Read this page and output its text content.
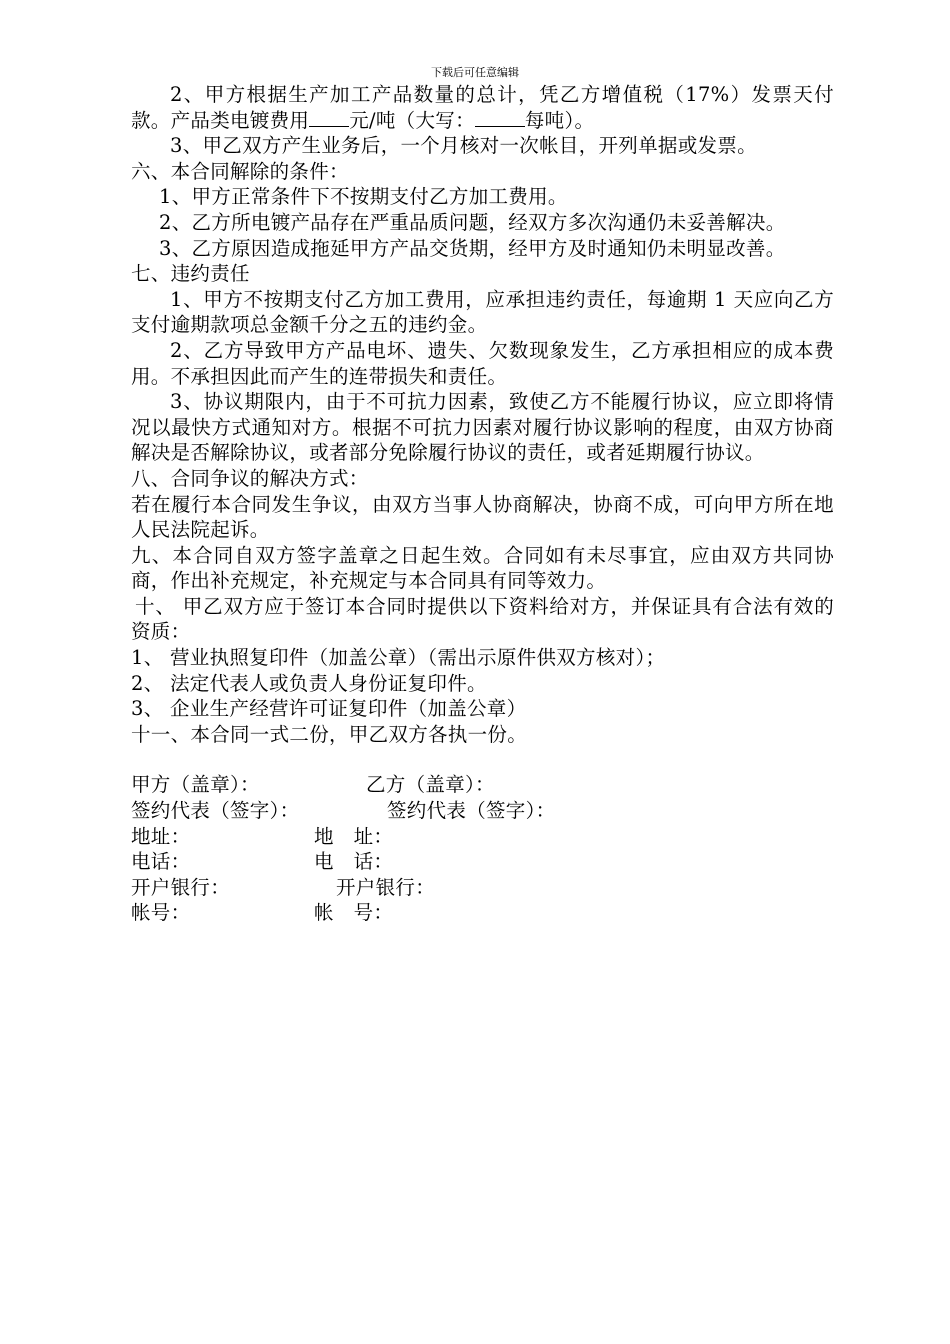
下载后可任意编辑

2、甲方根据生产加工产品数量的总计，凭乙方增值税（17%）发票天付款。产品类电镀费用 元/吨（大写：	每吨）。

3、甲乙双方产生业务后，一个月核对一次帐目，开列单据或发票。

六、本合同解除的条件：

1、甲方正常条件下不按期支付乙方加工费用。

2、乙方所电镀产品存在严重品质问题，经双方多次沟通仍未妥善解决。

3、乙方原因造成拖延甲方产品交货期，经甲方及时通知仍未明显改善。

七、违约责任

1、甲方不按期支付乙方加工费用，应承担违约责任，每逾期 1 天应向乙方支付逾期款项总金额千分之五的违约金。

2、乙方导致甲方产品电坏、遗失、欠数现象发生，乙方承担相应的成本费用。不承担因此而产生的连带损失和责任。

3、协议期限内，由于不可抗力因素，致使乙方不能履行协议，应立即将情况以最快方式通知对方。根据不可抗力因素对履行协议影响的程度，由双方协商解决是否解除协议，或者部分免除履行协议的责任，或者延期履行协议。

八、合同争议的解决方式：

若在履行本合同发生争议，由双方当事人协商解决，协商不成，可向甲方所在地人民法院起诉。

九、本合同自双方签字盖章之日起生效。合同如有未尽事宜，应由双方共同协商，作出补充规定，补充规定与本合同具有同等效力。

十、 甲乙双方应于签订本合同时提供以下资料给对方，并保证具有合法有效的资质：

1、 营业执照复印件（加盖公章）（需出示原件供双方核对）；

2、 法定代表人或负责人身份证复印件。

3、 企业生产经营许可证复印件（加盖公章）

十一、本合同一式二份，甲乙双方各执一份。

甲方（盖章）：	乙方（盖章）：
签约代表（签字）：	签约代表（签字）：
地址：	地　址：
电话：	电　话：
开户银行：	开户银行：
帐号：	帐　号：
